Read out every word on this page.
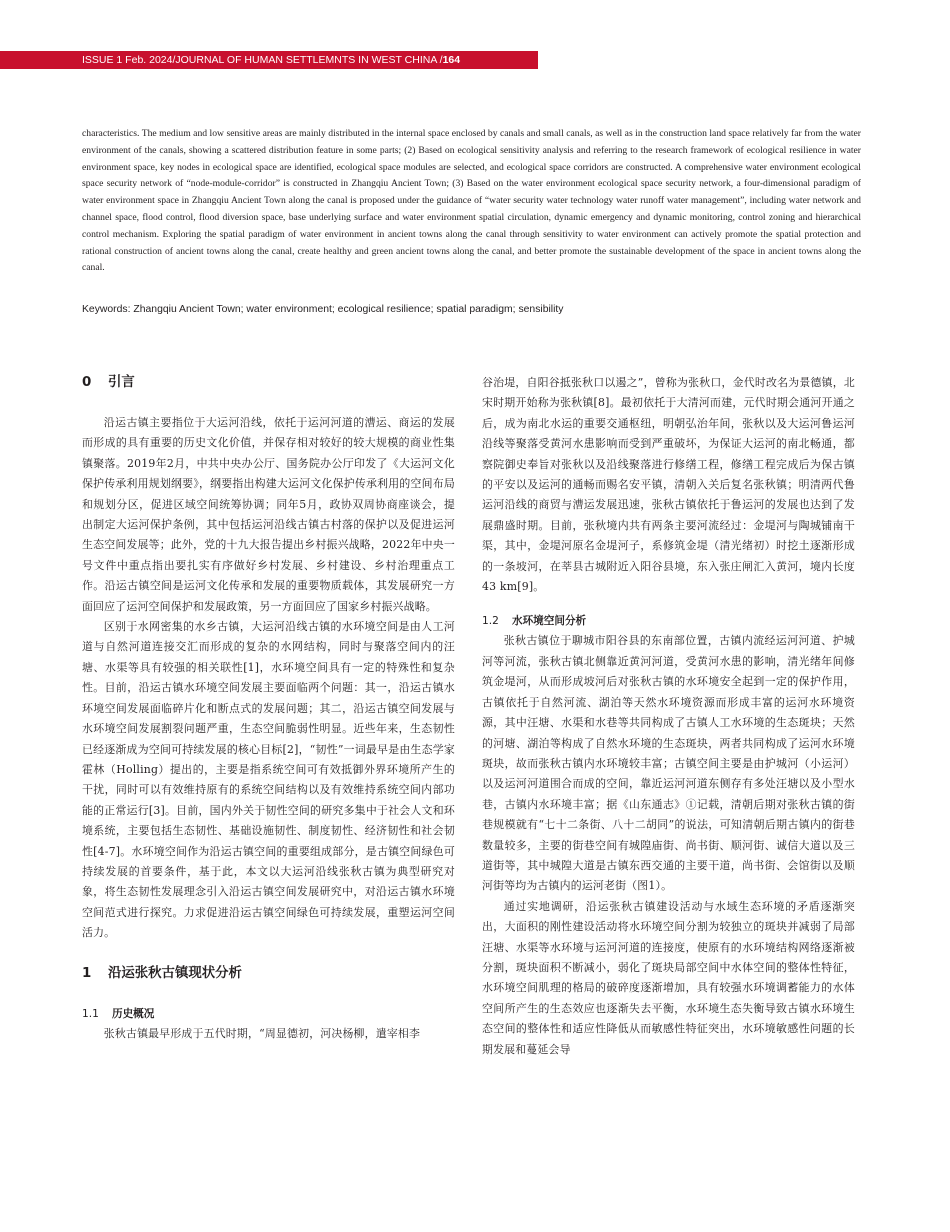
ISSUE 1 Feb. 2024/JOURNAL OF HUMAN SETTLEMNTS IN WEST CHINA /164

characteristics. The medium and low sensitive areas are mainly distributed in the internal space enclosed by canals and small canals, as well as in the construction land space relatively far from the water environment of the canals, showing a scattered distribution feature in some parts; (2) Based on ecological sensitivity analysis and referring to the research framework of ecological resilience in water environment space, key nodes in ecological space are identified, ecological space modules are selected, and ecological space corridors are constructed. A comprehensive water environment ecological space security network of “node-module-corridor” is constructed in Zhangqiu Ancient Town; (3) Based on the water environment ecological space security network, a four-dimensional paradigm of water environment space in Zhangqiu Ancient Town along the canal is proposed under the guidance of “water security water technology water runoff water management”, including water network and channel space, flood control, flood diversion space, base underlying surface and water environment spatial circulation, dynamic emergency and dynamic monitoring, control zoning and hierarchical control mechanism. Exploring the spatial paradigm of water environment in ancient towns along the canal through sensitivity to water environment can actively promote the spatial protection and rational construction of ancient towns along the canal, create healthy and green ancient towns along the canal, and better promote the sustainable development of the space in ancient towns along the canal.

Keywords: Zhangqiu Ancient Town; water environment; ecological resilience; spatial paradigm; sensibility

0 引言

沿运古镇主要指位于大运河沿线，依托于运河河道的漕运、商运的发展而形成的具有重要的历史文化价值，并保存相对较好的较大规模的商业性集镇聚落。2019年2月，中共中央办公厅、国务院办公厅印发了《大运河文化保护传承利用规划纲要》，纲要指出构建大运河文化保护传承利用的空间布局和规划分区，促进区域空间统筹协调；同年5月，政协双周协商座谈会，提出制定大运河保护条例，其中包括运河沿线古镇古村落的保护以及促进运河生态空间发展等；此外，党的十九大报告提出乡村振兴战略，2022年中央一号文件中重点指出要扎实有序做好乡村发展、乡村建设、乡村治理重点工作。沿运古镇空间是运河文化传承和发展的重要物质载体，其发展研究一方面回应了运河空间保护和发展政策，另一方面回应了国家乡村振兴战略。

区别于水网密集的水乡古镇，大运河沿线古镇的水环境空间是由人工河道与自然河道连接交汇而形成的复杂的水网结构，同时与聚落空间内的汪塘、水渠等具有较强的相关联性[1]，水环境空间具有一定的特殊性和复杂性。目前，沿运古镇水环境空间发展主要面临两个问题：其一，沿运古镇水环境空间发展面临碎片化和断点式的发展问题；其二，沿运古镇空间发展与水环境空间发展割裂问题严重，生态空间脆弱性明显。近些年来，生态韧性已经逐渐成为空间可持续发展的核心目标[2]，“韧性”一词最早是由生态学家霍林（Holling）提出的，主要是指系统空间可有效抵御外界环境所产生的干扰，同时可以有效维持原有的系统空间结构以及有效维持系统空间内部功能的正常运行[3]。目前，国内外关于韧性空间的研究多集中于社会人文和环境系统，主要包括生态韧性、基础设施韧性、制度韧性、经济韧性和社会韧性[4-7]。水环境空间作为沿运古镇空间的重要组成部分，是古镇空间绿色可持续发展的首要条件，基于此，本文以大运河沿线张秋古镇为典型研究对象，将生态韧性发展理念引入沿运古镇空间发展研究中，对沿运古镇水环境空间范式进行探究。力求促进沿运古镇空间绿色可持续发展，重塑运河空间活力。

1 沿运张秋古镇现状分析
1.1 历史概况

张秋古镇最早形成于五代时期，“周显德初，河决杨柳，遣宰相李

谷治堤，自阳谷抵张秋口以遏之”，曾称为张秋口，金代时改名为景德镇，北宋时期开始称为张秋镇[8]。最初依托于大清河而建，元代时期会通河开通之后，成为南北水运的重要交通枢纽，明朝弘治年间，张秋以及大运河鲁运河沿线等聚落受黄河水患影响而受到严重破坏，为保证大运河的南北畅通，都察院御史奉旨对张秋以及沿线聚落进行修缮工程，修缮工程完成后为保古镇的平安以及运河的通畅而赐名安平镇，清朝入关后复名张秋镇；明清两代鲁运河沿线的商贸与漕运发展迅速，张秋古镇依托于鲁运河的发展也达到了发展鼎盛时期。目前，张秋境内共有两条主要河流经过：金堤河与陶城铺南干渠，其中，金堤河原名金堤河子，系修筑金堤（清光绪初）时挖土逐渐形成的一条坡河，在莘县古城附近入阳谷县境，东入张庄闸汇入黄河，境内长度43 km[9]。

1.2 水环境空间分析

张秋古镇位于聊城市阳谷县的东南部位置，古镇内流经运河河道、护城河等河流，张秋古镇北侧靠近黄河河道，受黄河水患的影响，清光绪年间修筑金堤河，从而形成坡河后对张秋古镇的水环境安全起到一定的保护作用，古镇依托于自然河流、湖泊等天然水环境资源而形成丰富的运河水环境资源，其中汪塘、水渠和水巷等共同构成了古镇人工水环境的生态斑块；天然的河塘、湖泊等构成了自然水环境的生态斑块，两者共同构成了运河水环境斑块，故而张秋古镇内水环境较丰富；古镇空间主要是由护城河（小运河）以及运河河道围合而成的空间，靠近运河河道东侧存有多处汪塘以及小型水巷，古镇内水环境丰富；据《山东通志》①记载，清朝后期对张秋古镇的街巷规模就有“七十二条街、八十二胡同”的说法，可知清朝后期古镇内的街巷数量较多，主要的街巷空间有城隍庙街、尚书街、顺河街、诚信大道以及三道街等，其中城隍大道是古镇东西交通的主要干道，尚书街、会馆街以及顺河街等均为古镇内的运河老街（图1）。

通过实地调研，沿运张秋古镇建设活动与水域生态环境的矛盾逐渐突出，大面积的刚性建设活动将水环境空间分割为较独立的斑块并减弱了局部汪塘、水渠等水环境与运河河道的连接度，使原有的水环境结构网络逐渐被分割，斑块面积不断减小，弱化了斑块局部空间中水体空间的整体性特征，水环境空间肌理的格局的破碎度逐渐增加，具有较强水环境调蓄能力的水体空间所产生的生态效应也逐渐失去平衡，水环境生态失衡导致古镇水环境生态空间的整体性和适应性降低从而敏感性特征突出，水环境敏感性问题的长期发展和蔓延会导
